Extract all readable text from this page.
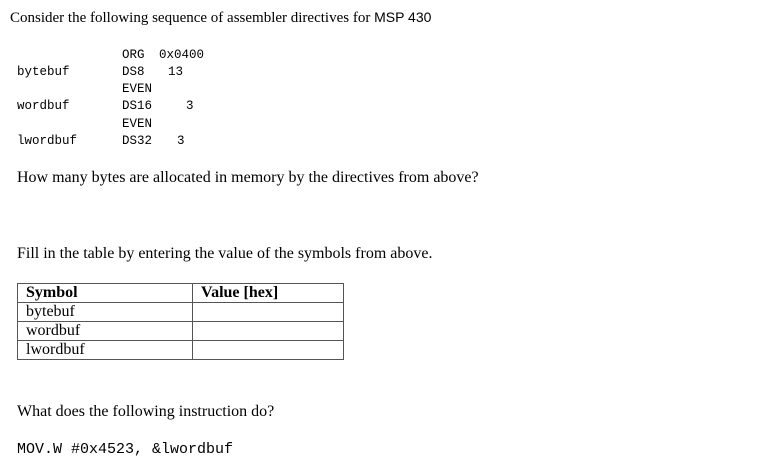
Consider the following sequence of assembler directives for MSP 430
ORG 0x0400
bytebuf	DS8 13
EVEN
wordbuf	DS16	3
EVEN
lwordbuf	DS32 3
How many bytes are allocated in memory by the directives from above?
Fill in the table by entering the value of the symbols from above.
Symbol	Value [hex]
bytebuf	
wordbuf	
lwordbuf	
What does the following instruction do?
MOV.W #0x4523, &lwordbuf
